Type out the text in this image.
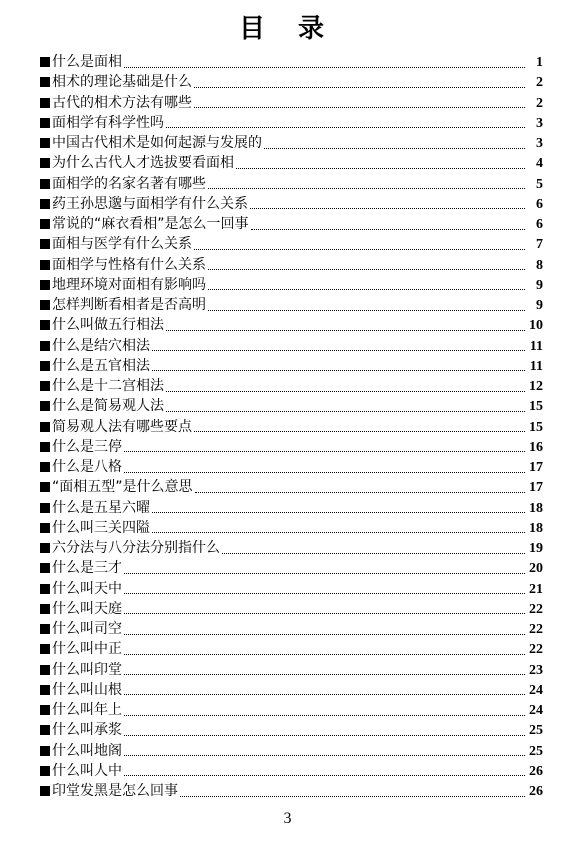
目 录
什么是面相	1
相术的理论基础是什么	2
古代的相术方法有哪些	2
面相学有科学性吗	3
中国古代相术是如何起源与发展的	3
为什么古代人才选拔要看面相	4
面相学的名家名著有哪些	5
药王孙思邈与面相学有什么关系	6
常说的“麻衣看相”是怎么一回事	6
面相与医学有什么关系	7
面相学与性格有什么关系	8
地理环境对面相有影响吗	9
怎样判断看相者是否高明	9
什么叫做五行相法	10
什么是结穴相法	11
什么是五官相法	11
什么是十二宫相法	12
什么是简易观人法	15
简易观人法有哪些要点	15
什么是三停	16
什么是八格	17
“面相五型”是什么意思	17
什么是五星六曜	18
什么叫三关四隘	18
六分法与八分法分别指什么	19
什么是三才	20
什么叫天中	21
什么叫天庭	22
什么叫司空	22
什么叫中正	22
什么叫印堂	23
什么叫山根	24
什么叫年上	24
什么叫承浆	25
什么叫地阁	25
什么叫人中	26
印堂发黑是怎么回事	26
3
